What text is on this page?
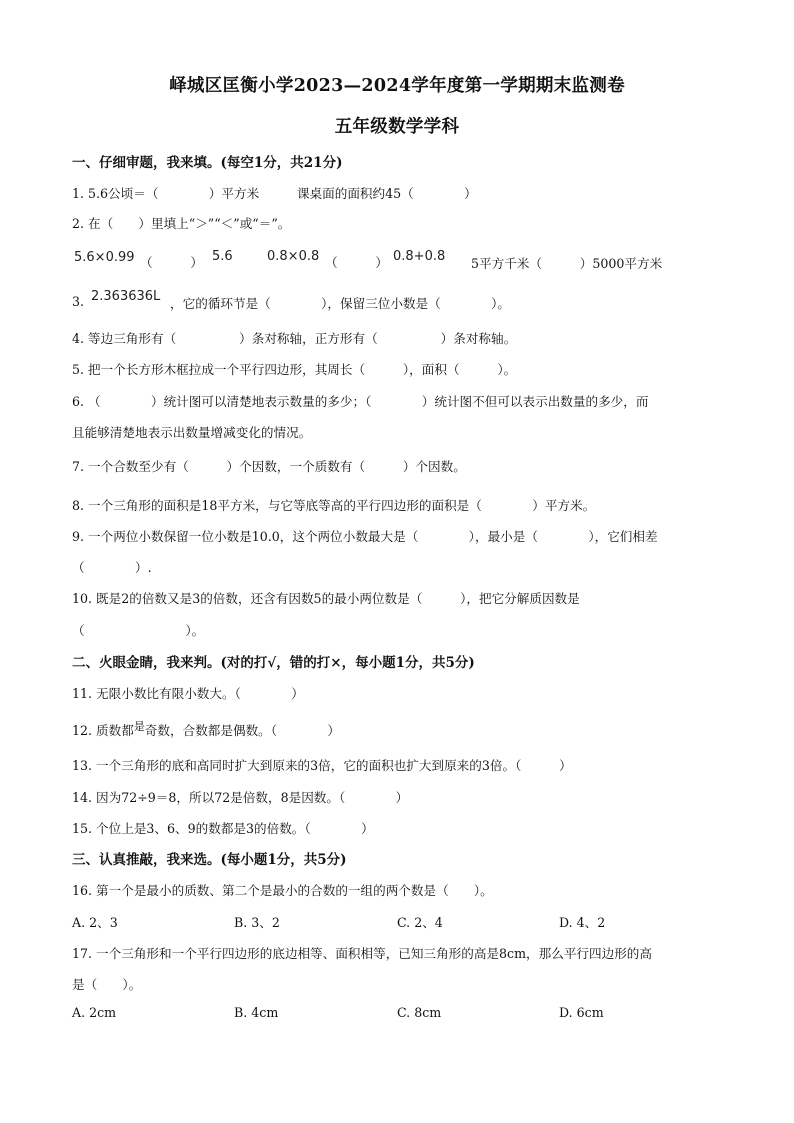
峄城区匡衡小学2023—2024学年度第一学期期末监测卷
五年级数学学科
一、仔细审题，我来填。(每空1分，共21分)
1. 5.6公顷＝（　　　　）平方米　　　课桌面的面积约45（　　　　）
2. 在（　　）里填上“＞”“＜”或“＝”。
5.6×0.99 （　　　） 5.6	0.8×0.8 （　　　） 0.8+0.8 5平方千米（　　　）5000平方米
3. 2.363636L ，它的循环节是（　　　　），保留三位小数是（　　　　）。
4. 等边三角形有（　　　　　）条对称轴，正方形有（　　　　　）条对称轴。
5. 把一个长方形木框拉成一个平行四边形，其周长（　　　），面积（　　　）。
6. （　　　　）统计图可以清楚地表示数量的多少；（　　　　）统计图不但可以表示出数量的多少，而
且能够清楚地表示出数量增减变化的情况。
7. 一个合数至少有（　　　）个因数，一个质数有（　　　）个因数。
8. 一个三角形的面积是18平方米，与它等底等高的平行四边形的面积是（　　　　）平方米。
9. 一个两位小数保留一位小数是10.0，这个两位小数最大是（　　　　），最小是（　　　　），它们相差
（　　　　）.
10. 既是2的倍数又是3的倍数，还含有因数5的最小两位数是（　　　），把它分解质因数是
（　　　　　　　　）。
二、火眼金睛，我来判。(对的打√，错的打×，每小题1分，共5分)
11. 无限小数比有限小数大。（　　　　）
12. 质数都是奇数，合数都是偶数。（　　　　）
13. 一个三角形的底和高同时扩大到原来的3倍，它的面积也扩大到原来的3倍。（　　　）
14. 因为72÷9＝8，所以72是倍数，8是因数。（　　　　）
15. 个位上是3、6、9的数都是3的倍数。（　　　　）
三、认真推敲，我来选。(每小题1分，共5分)
16. 第一个是最小的质数、第二个是最小的合数的一组的两个数是（　　）。
A. 2、3	B. 3、2	C. 2、4	D. 4、2
17. 一个三角形和一个平行四边形的底边相等、面积相等，已知三角形的高是8cm，那么平行四边形的高
是（　　）。
A. 2cm	B. 4cm	C. 8cm	D. 6cm
